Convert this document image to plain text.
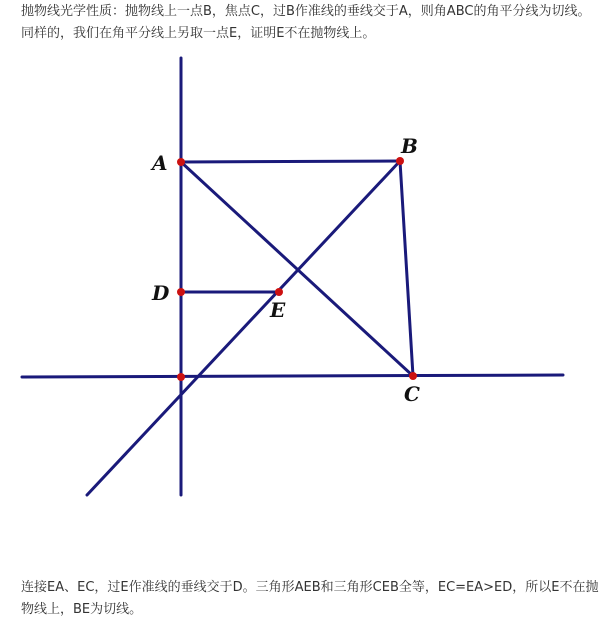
抛物线光学性质：抛物线上一点B，焦点C，过B作准线的垂线交于A，则角ABC的角平分线为切线。同样的，我们在角平分线上另取一点E，证明E不在抛物线上。
A
B
C
D
E
连接EA、EC，过E作准线的垂线交于D。三角形AEB和三角形CEB全等，EC=EA>ED，所以E不在抛物线上，BE为切线。
